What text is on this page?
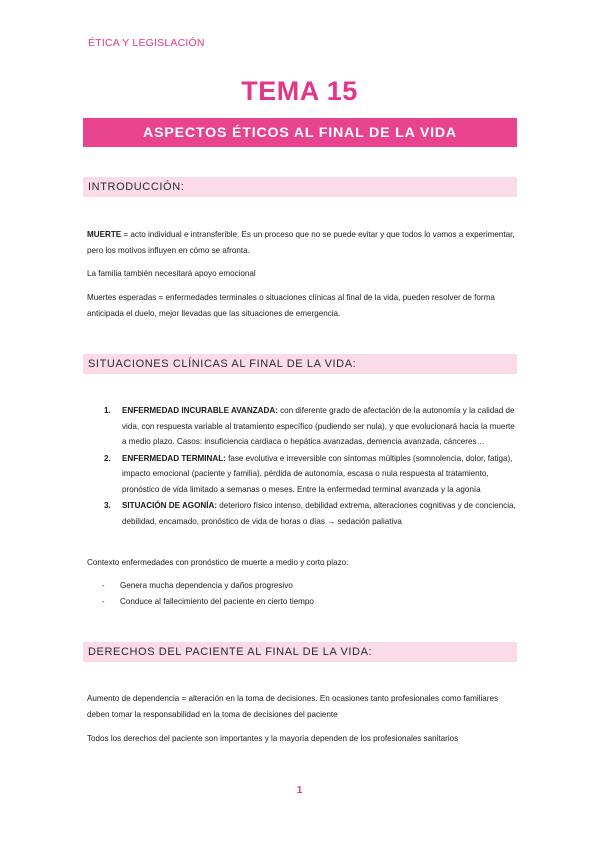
ÉTICA Y LEGISLACIÓN
TEMA 15
ASPECTOS ÉTICOS AL FINAL DE LA VIDA
INTRODUCCIÓN:

MUERTE = acto individual e intransferible. Es un proceso que no se puede evitar y que todos lo vamos a experimentar, pero los motivos influyen en cómo se afronta.

La familia también necesitará apoyo emocional

Muertes esperadas = enfermedades terminales o situaciones clínicas al final de la vida, pueden resolver de forma anticipada el duelo, mejor llevadas que las situaciones de emergencia.

SITUACIONES CLÍNICAS AL FINAL DE LA VIDA:
1. ENFERMEDAD INCURABLE AVANZADA: con diferente grado de afectación de la autonomía y la calidad de vida, con respuesta variable al tratamiento específico (pudiendo ser nula), y que evolucionará hacia la muerte a medio plazo. Casos: insuficiencia cardiaca o hepática avanzadas, demencia avanzada, cánceres…
2. ENFERMEDAD TERMINAL: fase evolutiva e irreversible con síntomas múltiples (somnolencia, dolor, fatiga), impacto emocional (paciente y familia), pérdida de autonomía, escasa o nula respuesta al tratamiento, pronóstico de vida limitado a semanas o meses. Entre la enfermedad terminal avanzada y la agonía
3. SITUACIÓN DE AGONÍA: deterioro físico intenso, debilidad extrema, alteraciones cognitivas y de conciencia, debilidad, encamado, pronóstico de vida de horas o días → sedación paliativa

Contexto enfermedades con pronóstico de muerte a medio y corto plazo:

- Genera mucha dependencia y daños progresivo
- Conduce al fallecimiento del paciente en cierto tiempo
DERECHOS DEL PACIENTE AL FINAL DE LA VIDA:

Aumento de dependencia = alteración en la toma de decisiones. En ocasiones tanto profesionales como familiares deben tomar la responsabilidad en la toma de decisiones del paciente

Todos los derechos del paciente son importantes y la mayoría dependen de los profesionales sanitarios

1
